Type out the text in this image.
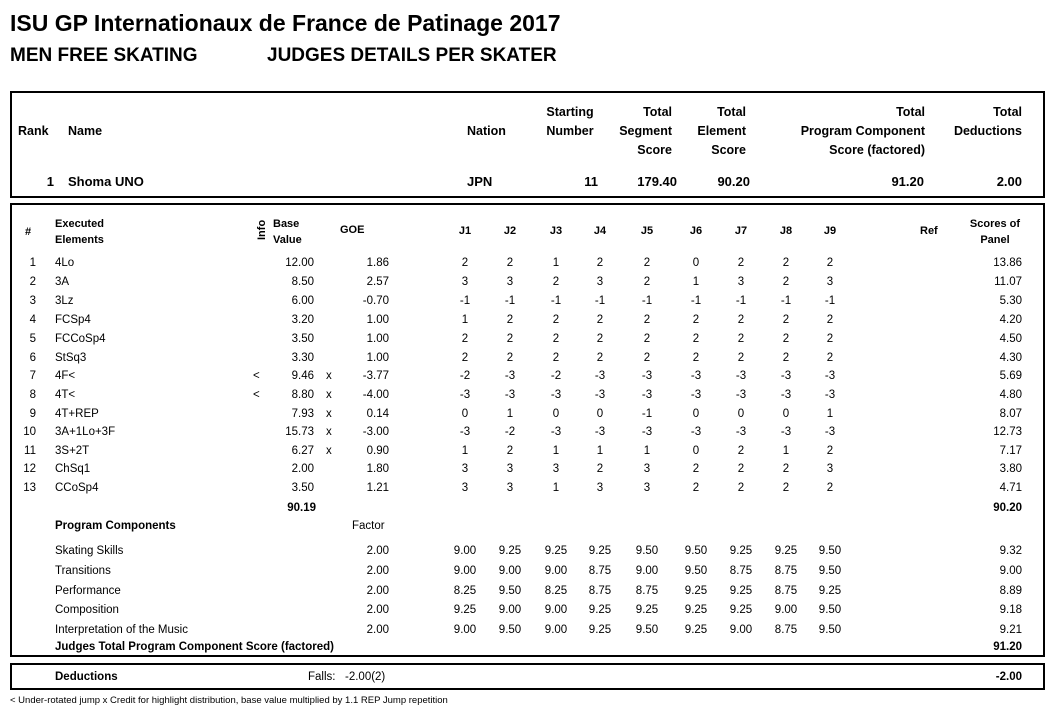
ISU GP Internationaux de France de Patinage 2017
MEN FREE SKATING	JUDGES DETAILS PER SKATER
Rank Name	Nation
Starting
Number
Total
Segment
Score
Total
Element
Score
Total
Program Component
Score (factored)
Total
Deductions
1 Shoma UNO	JPN	11	179.40	90.20	91.20	2.00
#
Executed
Elements	Info Base
Value
GOE	J1	J2	J3	J4	J5	J6	J7	J8	J9	Ref
Scores of
Panel
1 4Lo	12.00	1.86	2	2	1	2	2	0	2	2	2	13.86
2 3A	8.50	2.57	3	3	2	3	2	1	3	2	3	11.07
3 3Lz	6.00	-0.70	-1	-1	-1	-1	-1	-1	-1	-1	-1	5.30
4 FCSp4	3.20	1.00	1	2	2	2	2	2	2	2	2	4.20
5 FCCoSp4	3.50	1.00	2	2	2	2	2	2	2	2	2	4.50
6 StSq3	3.30	1.00	2	2	2	2	2	2	2	2	2	4.30
7 4F<	<	9.46 x	-3.77	-2	-3	-2	-3	-3	-3	-3	-3	-3	5.69
8 4T<	<	8.80 x	-4.00	-3	-3	-3	-3	-3	-3	-3	-3	-3	4.80
9 4T+REP	7.93 x	0.14	0	1	0	0	-1	0	0	0	1	8.07
10 3A+1Lo+3F	15.73 x	-3.00	-3	-2	-3	-3	-3	-3	-3	-3	-3	12.73
11 3S+2T	6.27 x	0.90	1	2	1	1	1	0	2	1	2	7.17
12 ChSq1	2.00	1.80	3	3	3	2	3	2	2	2	3	3.80
13 CCoSp4	3.50	1.21	3	3	1	3	3	2	2	2	2	4.71
90.19	90.20
Program Components	Factor
Skating Skills	2.00	9.00	9.25	9.25	9.25	9.50	9.50	9.25	9.25	9.50	9.32
Transitions	2.00	9.00	9.00	9.00	8.75	9.00	9.50	8.75	8.75	9.50	9.00
Performance	2.00	8.25	9.50	8.25	8.75	8.75	9.25	9.25	8.75	9.25	8.89
Composition	2.00	9.25	9.00	9.00	9.25	9.25	9.25	9.25	9.00	9.50	9.18
Interpretation of the Music	2.00	9.00	9.50	9.00	9.25	9.50	9.25	9.00	8.75	9.50	9.21
Judges Total Program Component Score (factored)	91.20
Deductions	Falls: -2.00(2)	-2.00
< Under-rotated jump x Credit for highlight distribution, base value multiplied by 1.1 REP Jump repetition
